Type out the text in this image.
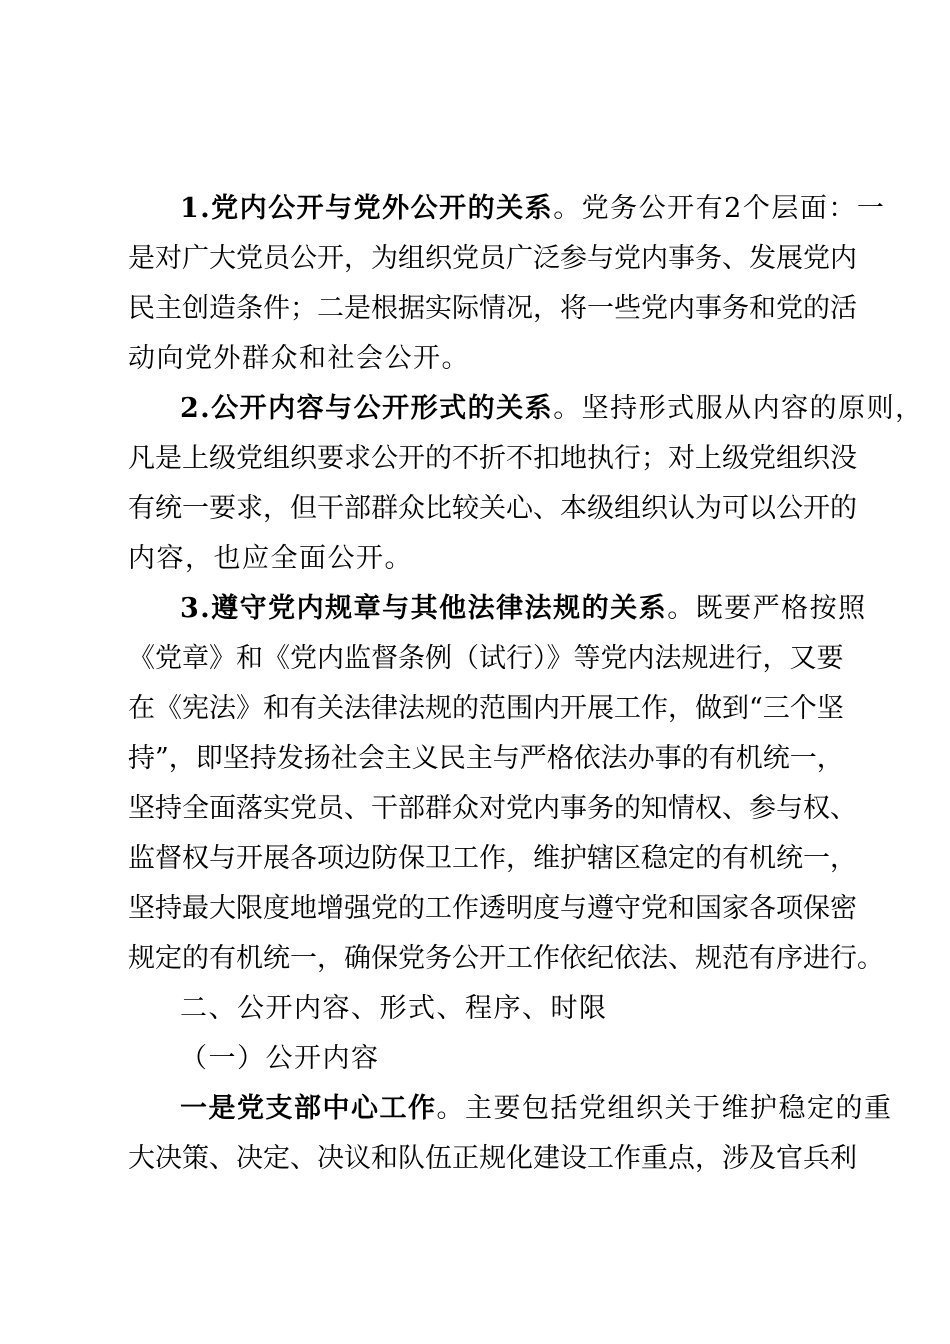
1.党内公开与党外公开的关系。党务公开有2个层面：一
是对广大党员公开，为组织党员广泛参与党内事务、发展党内
民主创造条件；二是根据实际情况，将一些党内事务和党的活
动向党外群众和社会公开。
2.公开内容与公开形式的关系。坚持形式服从内容的原则，
凡是上级党组织要求公开的不折不扣地执行；对上级党组织没
有统一要求，但干部群众比较关心、本级组织认为可以公开的
内容，也应全面公开。
3.遵守党内规章与其他法律法规的关系。既要严格按照
《党章》和《党内监督条例（试行）》等党内法规进行，又要
在《宪法》和有关法律法规的范围内开展工作，做到“三个坚
持”，即坚持发扬社会主义民主与严格依法办事的有机统一，
坚持全面落实党员、干部群众对党内事务的知情权、参与权、
监督权与开展各项边防保卫工作，维护辖区稳定的有机统一，
坚持最大限度地增强党的工作透明度与遵守党和国家各项保密
规定的有机统一，确保党务公开工作依纪依法、规范有序进行。
二、公开内容、形式、程序、时限
（一）公开内容
一是党支部中心工作。主要包括党组织关于维护稳定的重
大决策、决定、决议和队伍正规化建设工作重点，涉及官兵利
